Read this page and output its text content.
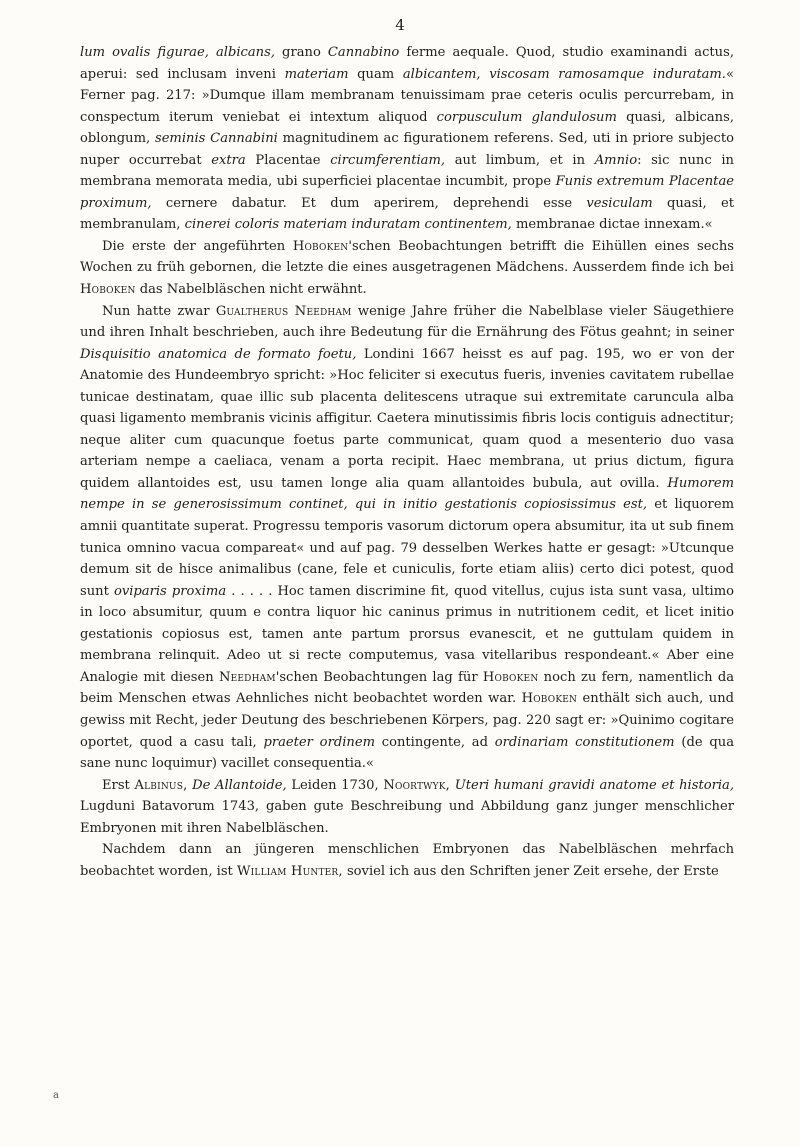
4

lum ovalis figurae, albicans, grano Cannabino ferme aequale. Quod, studio examinandi actus, aperui: sed inclusam inveni materiam quam albicantem, viscosam ramosamque induratam.« Ferner pag. 217: »Dumque illam membranam tenuissimam prae ceteris oculis percurrebam, in conspectum iterum veniebat ei intextum aliquod corpusculum glandulosum quasi, albicans, oblongum, seminis Cannabini magnitudinem ac figurationem referens. Sed, uti in priore subjecto nuper occurrebat extra Placentae circumferentiam, aut limbum, et in Amnio: sic nunc in membrana memorata media, ubi superficiei placentae incumbit, prope Funis extremum Placentae proximum, cernere dabatur. Et dum aperirem, deprehendi esse vesiculam quasi, et membranulam, cinerei coloris materiam induratam continentem, membranae dictae innexam.«

Die erste der angeführten Hoboken'schen Beobachtungen betrifft die Eihüllen eines sechs Wochen zu früh gebornen, die letzte die eines ausgetragenen Mädchens. Ausserdem finde ich bei Hoboken das Nabelbläschen nicht erwähnt.

Nun hatte zwar Gualtherus Needham wenige Jahre früher die Nabelblase vieler Säugethiere und ihren Inhalt beschrieben, auch ihre Bedeutung für die Ernährung des Fötus geahnt; in seiner Disquisitio anatomica de formato foetu, Londini 1667 heisst es auf pag. 195, wo er von der Anatomie des Hundeembryo spricht: »Hoc feliciter si executus fueris, invenies cavitatem rubellae tunicae destinatam, quae illic sub placenta delitescens utraque sui extremitate caruncula alba quasi ligamento membranis vicinis affigitur. Caetera minutissimis fibris locis contiguis adnectitur; neque aliter cum quacunque foetus parte communicat, quam quod a mesenterio duo vasa arteriam nempe a caeliaca, venam a porta recipit. Haec membrana, ut prius dictum, figura quidem allantoides est, usu tamen longe alia quam allantoides bubula, aut ovilla. Humorem nempe in se generosissimum continet, qui in initio gestationis copiosissimus est, et liquorem amnii quantitate superat. Progressu temporis vasorum dictorum opera absumitur, ita ut sub finem tunica omnino vacua compareat« und auf pag. 79 desselben Werkes hatte er gesagt: »Utcunque demum sit de hisce animalibus (cane, fele et cuniculis, forte etiam aliis) certo dici potest, quod sunt oviparis proxima . . . . . Hoc tamen discrimine fit, quod vitellus, cujus ista sunt vasa, ultimo in loco absumitur, quum e contra liquor hic caninus primus in nutritionem cedit, et licet initio gestationis copiosus est, tamen ante partum prorsus evanescit, et ne guttulam quidem in membrana relinquit. Adeo ut si recte computemus, vasa vitellaribus respondeant.« Aber eine Analogie mit diesen Needham'schen Beobachtungen lag für Hoboken noch zu fern, namentlich da beim Menschen etwas Aehnliches nicht beobachtet worden war. Hoboken enthält sich auch, und gewiss mit Recht, jeder Deutung des beschriebenen Körpers, pag. 220 sagt er: »Quinimo cogitare oportet, quod a casu tali, praeter ordinem contingente, ad ordinariam constitutionem (de qua sane nunc loquimur) vacillet consequentia.«

Erst Albinus, De Allantoide, Leiden 1730, Noortwyk, Uteri humani gravidi anatome et historia, Lugduni Batavorum 1743, gaben gute Beschreibung und Abbildung ganz junger menschlicher Embryonen mit ihren Nabelbläschen.

Nachdem dann an jüngeren menschlichen Embryonen das Nabelbläschen mehrfach beobachtet worden, ist William Hunter, soviel ich aus den Schriften jener Zeit ersehe, der Erste

a
